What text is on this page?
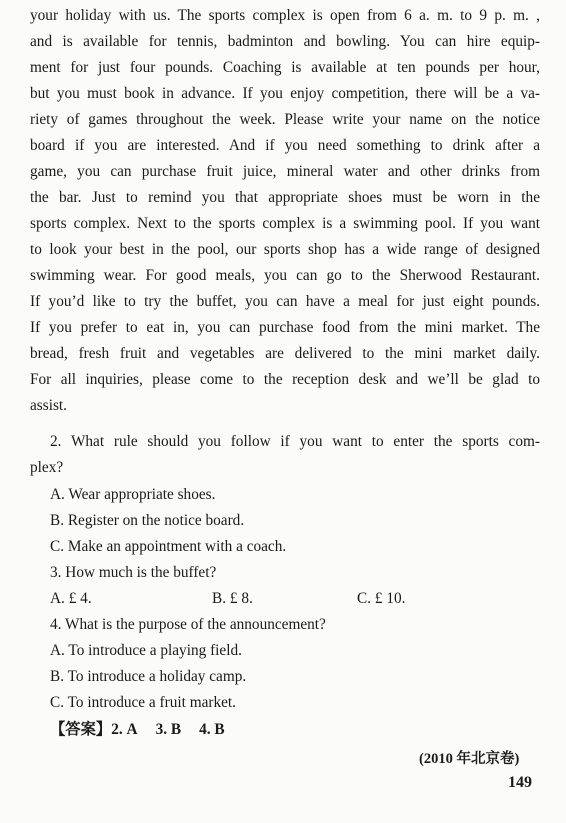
your holiday with us. The sports complex is open from 6 a. m. to 9 p. m. ,
and is available for tennis, badminton and bowling. You can hire equip-
ment for just four pounds. Coaching is available at ten pounds per hour,
but you must book in advance. If you enjoy competition, there will be a va-
riety of games throughout the week. Please write your name on the notice
board if you are interested. And if you need something to drink after a
game, you can purchase fruit juice, mineral water and other drinks from
the bar. Just to remind you that appropriate shoes must be worn in the
sports complex. Next to the sports complex is a swimming pool. If you want
to look your best in the pool, our sports shop has a wide range of designed
swimming wear. For good meals, you can go to the Sherwood Restaurant.
If you’d like to try the buffet, you can have a meal for just eight pounds.
If you prefer to eat in, you can purchase food from the mini market. The
bread, fresh fruit and vegetables are delivered to the mini market daily.
For all inquiries, please come to the reception desk and we’ll be glad to
assist.
2. What rule should you follow if you want to enter the sports com-
plex?
A. Wear appropriate shoes.
B. Register on the notice board.
C. Make an appointment with a coach.
3. How much is the buffet?
A. £ 4.	B. £ 8.	C. £ 10.
4. What is the purpose of the announcement?
A. To introduce a playing field.
B. To introduce a holiday camp.
C. To introduce a fruit market.
【答案】2. A 3. B 4. B
(2010 年北京卷)
149
